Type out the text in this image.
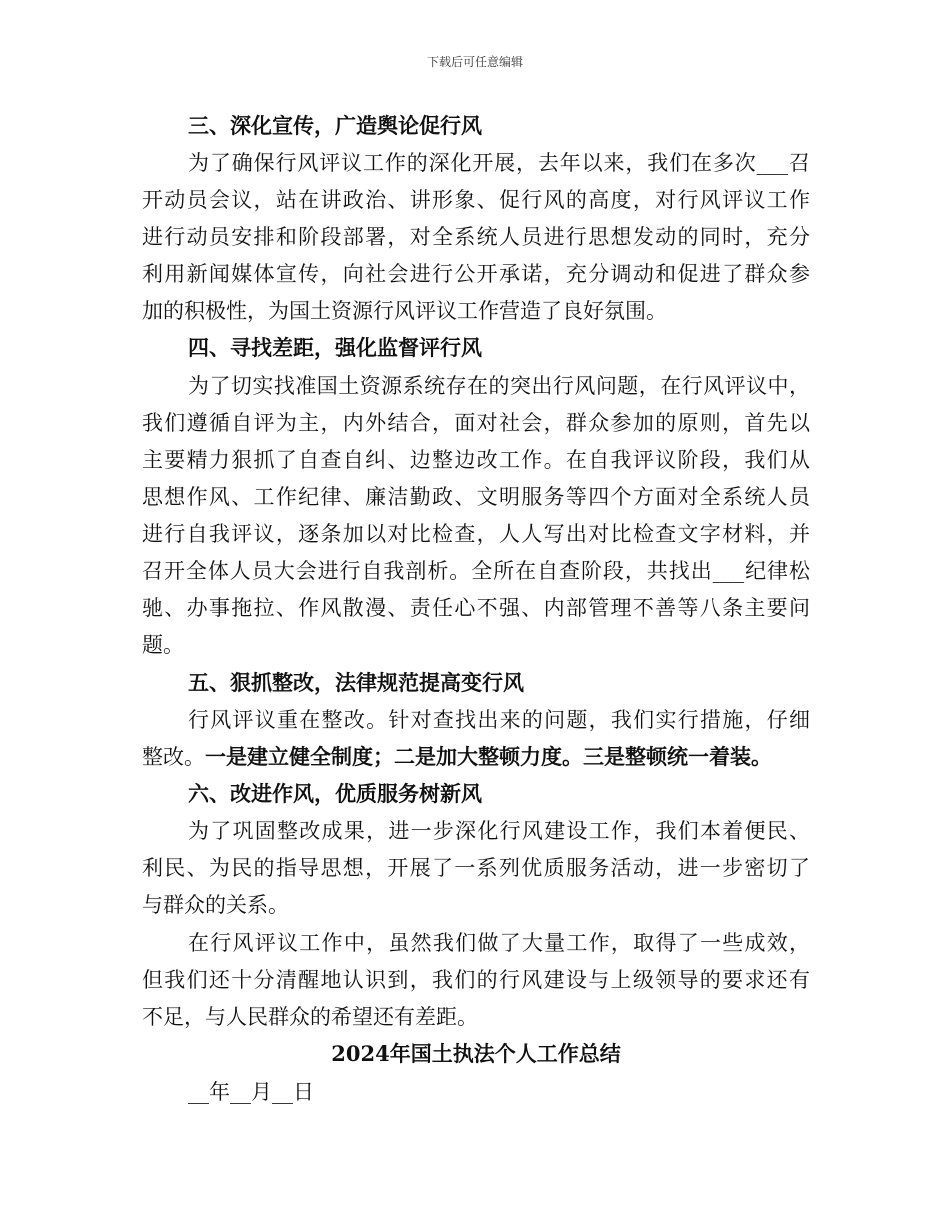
下载后可任意编辑
三、深化宣传，广造舆论促行风
为了确保行风评议工作的深化开展，去年以来，我们在多次___召
开动员会议，站在讲政治、讲形象、促行风的高度，对行风评议工作
进行动员安排和阶段部署，对全系统人员进行思想发动的同时，充分
利用新闻媒体宣传，向社会进行公开承诺，充分调动和促进了群众参
加的积极性，为国土资源行风评议工作营造了良好氛围。
四、寻找差距，强化监督评行风
为了切实找准国土资源系统存在的突出行风问题，在行风评议中，
我们遵循自评为主，内外结合，面对社会，群众参加的原则，首先以
主要精力狠抓了自查自纠、边整边改工作。在自我评议阶段，我们从
思想作风、工作纪律、廉洁勤政、文明服务等四个方面对全系统人员
进行自我评议，逐条加以对比检查，人人写出对比检查文字材料，并
召开全体人员大会进行自我剖析。全所在自查阶段，共找出___纪律松
驰、办事拖拉、作风散漫、责任心不强、内部管理不善等八条主要问
题。
五、狠抓整改，法律规范提高变行风
行风评议重在整改。针对查找出来的问题，我们实行措施，仔细
整改。一是建立健全制度；二是加大整顿力度。三是整顿统一着装。
六、改进作风，优质服务树新风
为了巩固整改成果，进一步深化行风建设工作，我们本着便民、
利民、为民的指导思想，开展了一系列优质服务活动，进一步密切了
与群众的关系。
在行风评议工作中，虽然我们做了大量工作，取得了一些成效，
但我们还十分清醒地认识到，我们的行风建设与上级领导的要求还有
不足，与人民群众的希望还有差距。
2024年国土执法个人工作总结
__年__月__日
